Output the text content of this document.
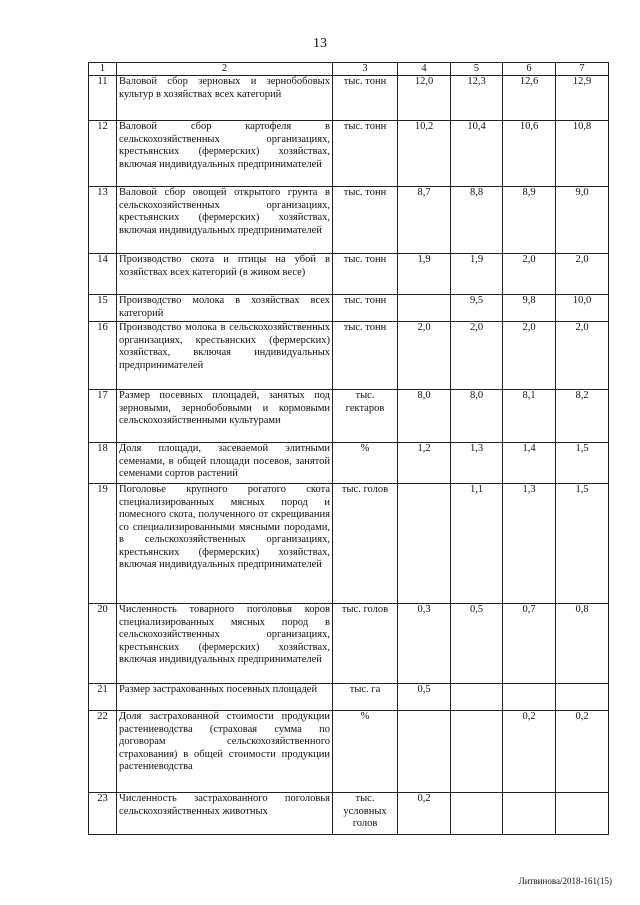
13
1	2	3	4	5	6	7
11	Валовой сбор зерновых и зернобобовых культур в хозяйствах всех категорий	тыс. тонн	12,0	12,3	12,6	12,9
12	Валовой сбор картофеля в сельскохозяйственных организациях, крестьянских (фермерских) хозяйствах, включая индивидуальных предпринимателей	тыс. тонн	10,2	10,4	10,6	10,8
13	Валовой сбор овощей открытого грунта в сельскохозяйственных организациях, крестьянских (фермерских) хозяйствах, включая индивидуальных предпринимателей	тыс. тонн	8,7	8,8	8,9	9,0
14	Производство скота и птицы на убой в хозяйствах всех категорий (в живом весе)	тыс. тонн	1,9	1,9	2,0	2,0
15	Производство молока в хозяйствах всех категорий	тыс. тонн		9,5	9,8	10,0
16	Производство молока в сельскохозяйственных организациях, крестьянских (фермерских) хозяйствах, включая индивидуальных предпринимателей	тыс. тонн	2,0	2,0	2,0	2,0
17	Размер посевных площадей, занятых под зерновыми, зернобобовыми и кормовыми сельскохозяйственными культурами	тыс. гектаров	8,0	8,0	8,1	8,2
18	Доля площади, засеваемой элитными семенами, в общей площади посевов, занятой семенами сортов растений	%	1,2	1,3	1,4	1,5
19	Поголовье крупного рогатого скота специализированных мясных пород и помесного скота, полученного от скрещивания со специализированными мясными породами, в сельскохозяйственных организациях, крестьянских (фермерских) хозяйствах, включая индивидуальных предпринимателей	тыс. голов		1,1	1,3	1,5
20	Численность товарного поголовья коров специализированных мясных пород в сельскохозяйственных организациях, крестьянских (фермерских) хозяйствах, включая индивидуальных предпринимателей	тыс. голов	0,3	0,5	0,7	0,8
21	Размер застрахованных посевных площадей	тыс. га	0,5			
22	Доля застрахованной стоимости продукции растениеводства (страховая сумма по договорам сельскохозяйственного страхования) в общей стоимости продукции растениеводства	%			0,2	0,2
23	Численность застрахованного поголовья сельскохозяйственных животных	тыс. условных голов	0,2			
Литвинова/2018-161(15)
